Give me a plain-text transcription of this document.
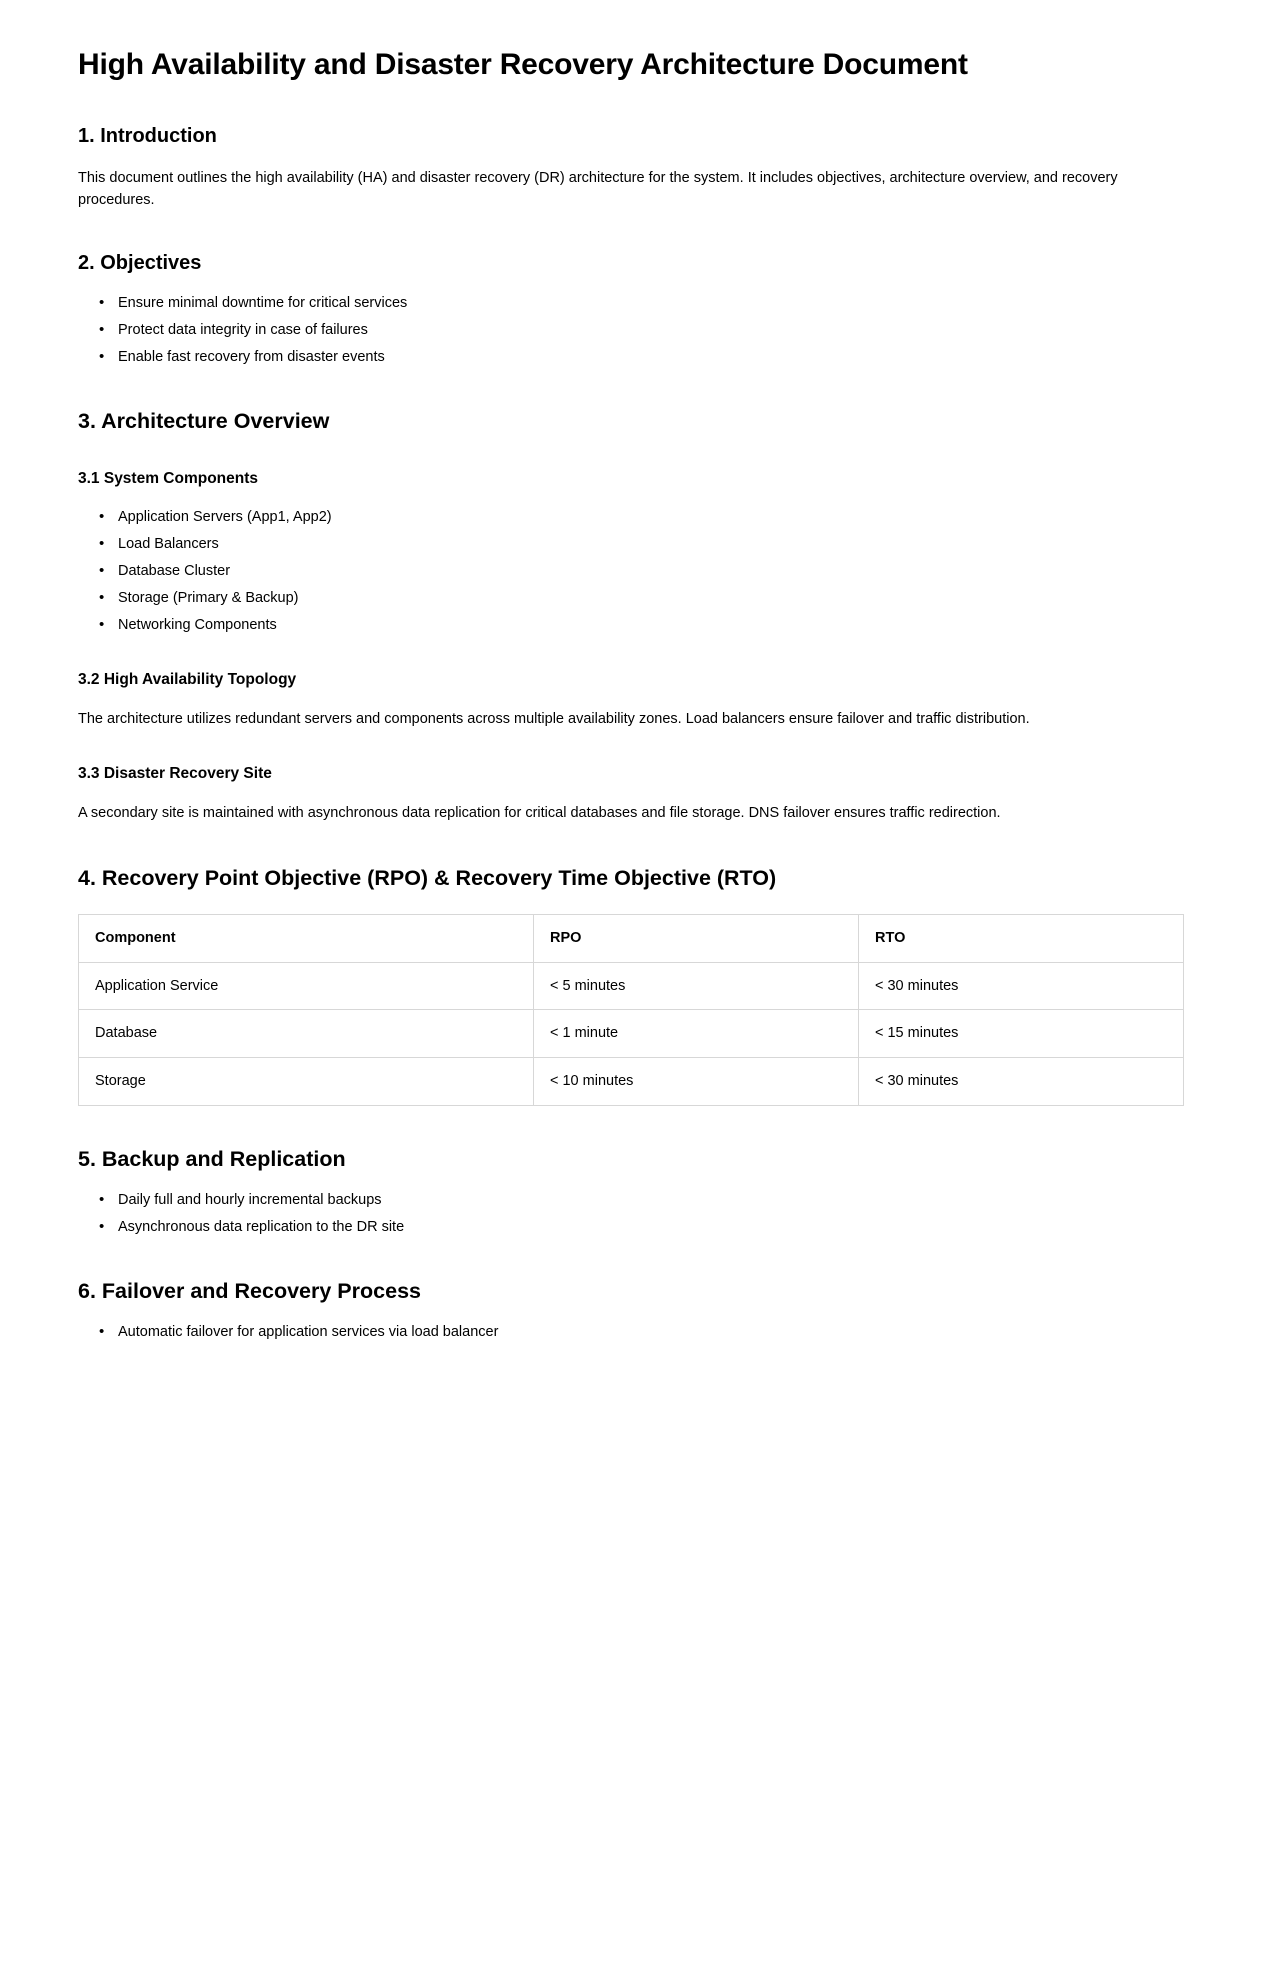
High Availability and Disaster Recovery Architecture Document
1. Introduction

This document outlines the high availability (HA) and disaster recovery (DR) architecture for the system. It includes objectives, architecture overview, and recovery procedures.

2. Objectives
• Ensure minimal downtime for critical services
• Protect data integrity in case of failures
• Enable fast recovery from disaster events
3. Architecture Overview
3.1 System Components
• Application Servers (App1, App2)
• Load Balancers
• Database Cluster
• Storage (Primary & Backup)
• Networking Components
3.2 High Availability Topology

The architecture utilizes redundant servers and components across multiple availability zones. Load balancers ensure failover and traffic distribution.

3.3 Disaster Recovery Site

A secondary site is maintained with asynchronous data replication for critical databases and file storage. DNS failover ensures traffic redirection.

4. Recovery Point Objective (RPO) & Recovery Time Objective (RTO)
Component	RPO	RTO
Application Service	< 5 minutes	< 30 minutes
Database	< 1 minute	< 15 minutes
Storage	< 10 minutes	< 30 minutes
5. Backup and Replication
• Daily full and hourly incremental backups
• Asynchronous data replication to the DR site
6. Failover and Recovery Process
• Automatic failover for application services via load balancer
